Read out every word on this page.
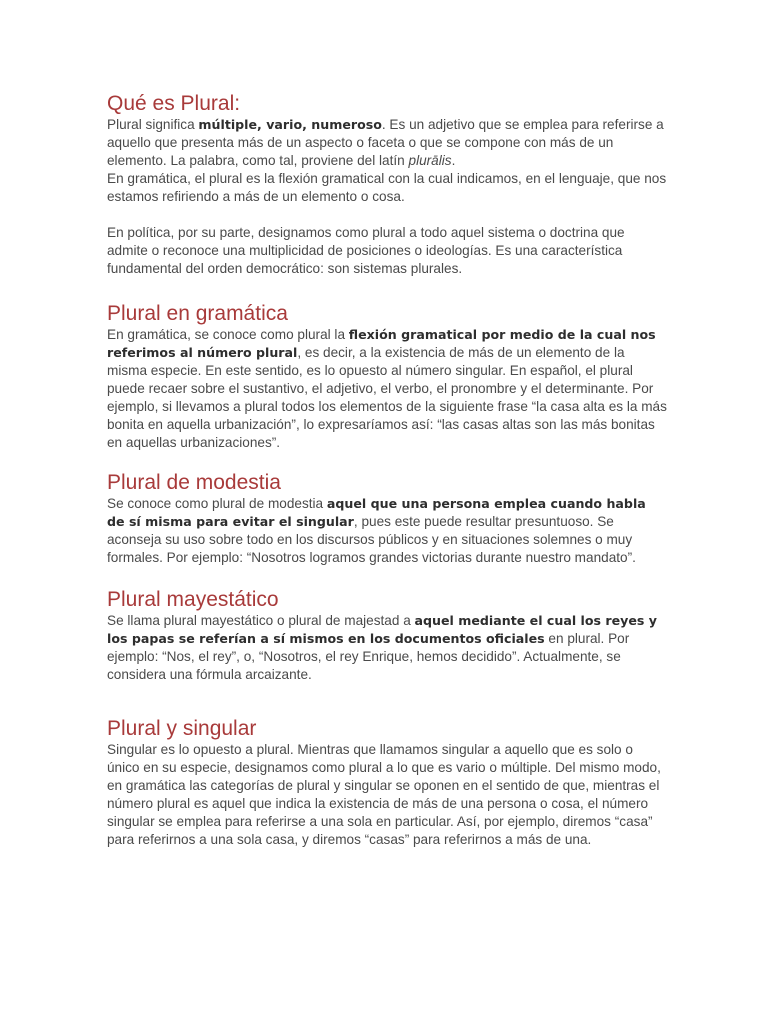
Qué es Plural:

Plural significa múltiple, vario, numeroso. Es un adjetivo que se emplea para referirse a aquello que presenta más de un aspecto o faceta o que se compone con más de un elemento. La palabra, como tal, proviene del latín plurālis.

En gramática, el plural es la flexión gramatical con la cual indicamos, en el lenguaje, que nos estamos refiriendo a más de un elemento o cosa.

En política, por su parte, designamos como plural a todo aquel sistema o doctrina que admite o reconoce una multiplicidad de posiciones o ideologías. Es una característica fundamental del orden democrático: son sistemas plurales.

Plural en gramática

En gramática, se conoce como plural la flexión gramatical por medio de la cual nos referimos al número plural, es decir, a la existencia de más de un elemento de la misma especie. En este sentido, es lo opuesto al número singular. En español, el plural puede recaer sobre el sustantivo, el adjetivo, el verbo, el pronombre y el determinante. Por ejemplo, si llevamos a plural todos los elementos de la siguiente frase “la casa alta es la más bonita en aquella urbanización”, lo expresaríamos así: “las casas altas son las más bonitas en aquellas urbanizaciones”.

Plural de modestia

Se conoce como plural de modestia aquel que una persona emplea cuando habla de sí misma para evitar el singular, pues este puede resultar presuntuoso. Se aconseja su uso sobre todo en los discursos públicos y en situaciones solemnes o muy formales. Por ejemplo: “Nosotros logramos grandes victorias durante nuestro mandato”.

Plural mayestático

Se llama plural mayestático o plural de majestad a aquel mediante el cual los reyes y los papas se referían a sí mismos en los documentos oficiales en plural. Por ejemplo: “Nos, el rey”, o, “Nosotros, el rey Enrique, hemos decidido”. Actualmente, se considera una fórmula arcaizante.

Plural y singular

Singular es lo opuesto a plural. Mientras que llamamos singular a aquello que es solo o único en su especie, designamos como plural a lo que es vario o múltiple. Del mismo modo, en gramática las categorías de plural y singular se oponen en el sentido de que, mientras el número plural es aquel que indica la existencia de más de una persona o cosa, el número singular se emplea para referirse a una sola en particular. Así, por ejemplo, diremos “casa” para referirnos a una sola casa, y diremos “casas” para referirnos a más de una.
